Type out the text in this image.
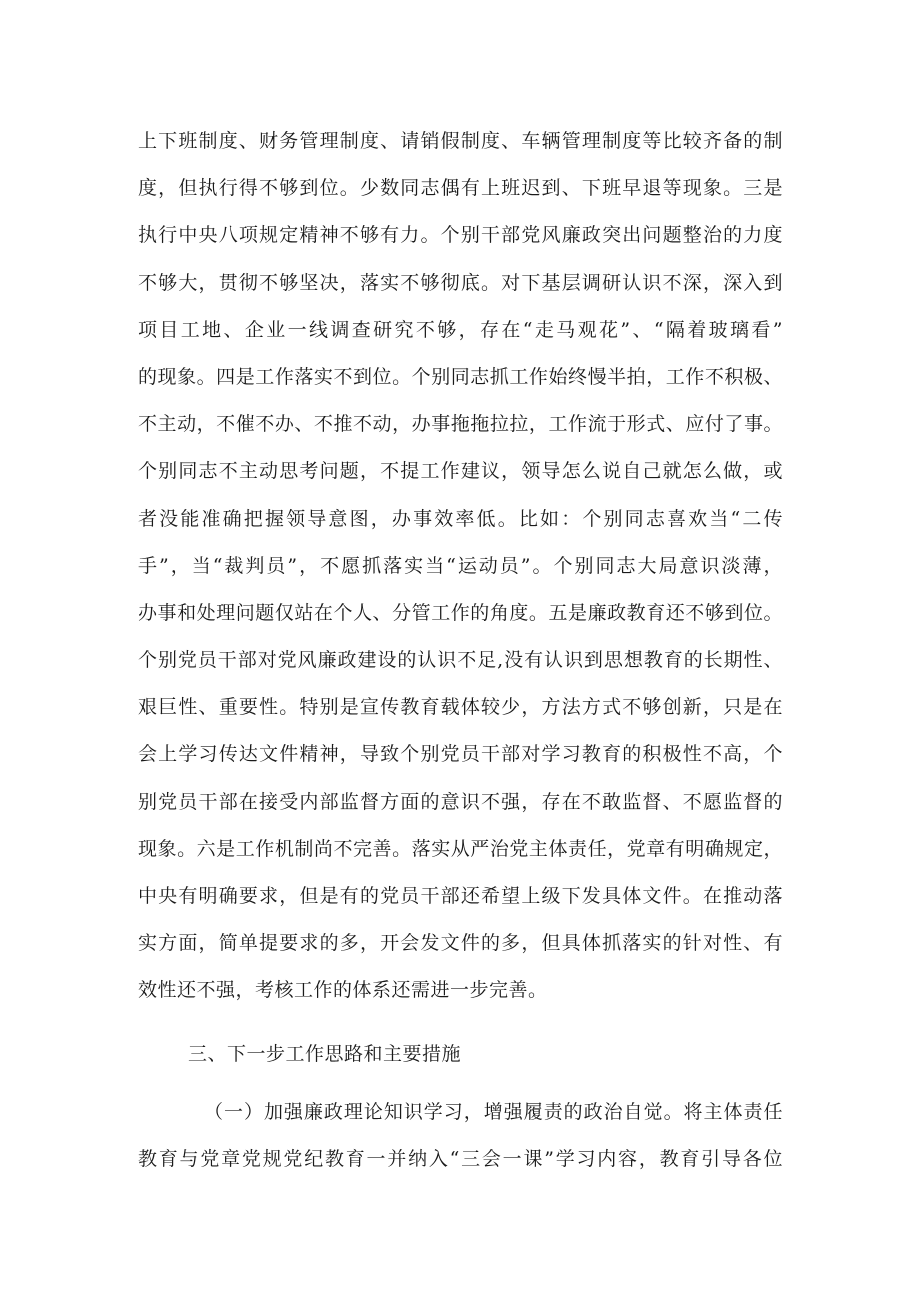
上下班制度、财务管理制度、请销假制度、车辆管理制度等比较齐备的制
度，但执行得不够到位。少数同志偶有上班迟到、下班早退等现象。三是
执行中央八项规定精神不够有力。个别干部党风廉政突出问题整治的力度
不够大，贯彻不够坚决，落实不够彻底。对下基层调研认识不深，深入到
项目工地、企业一线调查研究不够，存在“走马观花”、“隔着玻璃看”
的现象。四是工作落实不到位。个别同志抓工作始终慢半拍，工作不积极、
不主动，不催不办、不推不动，办事拖拖拉拉，工作流于形式、应付了事。
个别同志不主动思考问题，不提工作建议，领导怎么说自己就怎么做，或
者没能准确把握领导意图，办事效率低。比如：个别同志喜欢当“二传
手”，当“裁判员”，不愿抓落实当“运动员”。个别同志大局意识淡薄，
办事和处理问题仅站在个人、分管工作的角度。五是廉政教育还不够到位。
个别党员干部对党风廉政建设的认识不足,没有认识到思想教育的长期性、
艰巨性、重要性。特别是宣传教育载体较少，方法方式不够创新，只是在
会上学习传达文件精神，导致个别党员干部对学习教育的积极性不高，个
别党员干部在接受内部监督方面的意识不强，存在不敢监督、不愿监督的
现象。六是工作机制尚不完善。落实从严治党主体责任，党章有明确规定，
中央有明确要求，但是有的党员干部还希望上级下发具体文件。在推动落
实方面，简单提要求的多，开会发文件的多，但具体抓落实的针对性、有
效性还不强，考核工作的体系还需进一步完善。
三、下一步工作思路和主要措施
（一）加强廉政理论知识学习，增强履责的政治自觉。将主体责任
教育与党章党规党纪教育一并纳入“三会一课”学习内容，教育引导各位
